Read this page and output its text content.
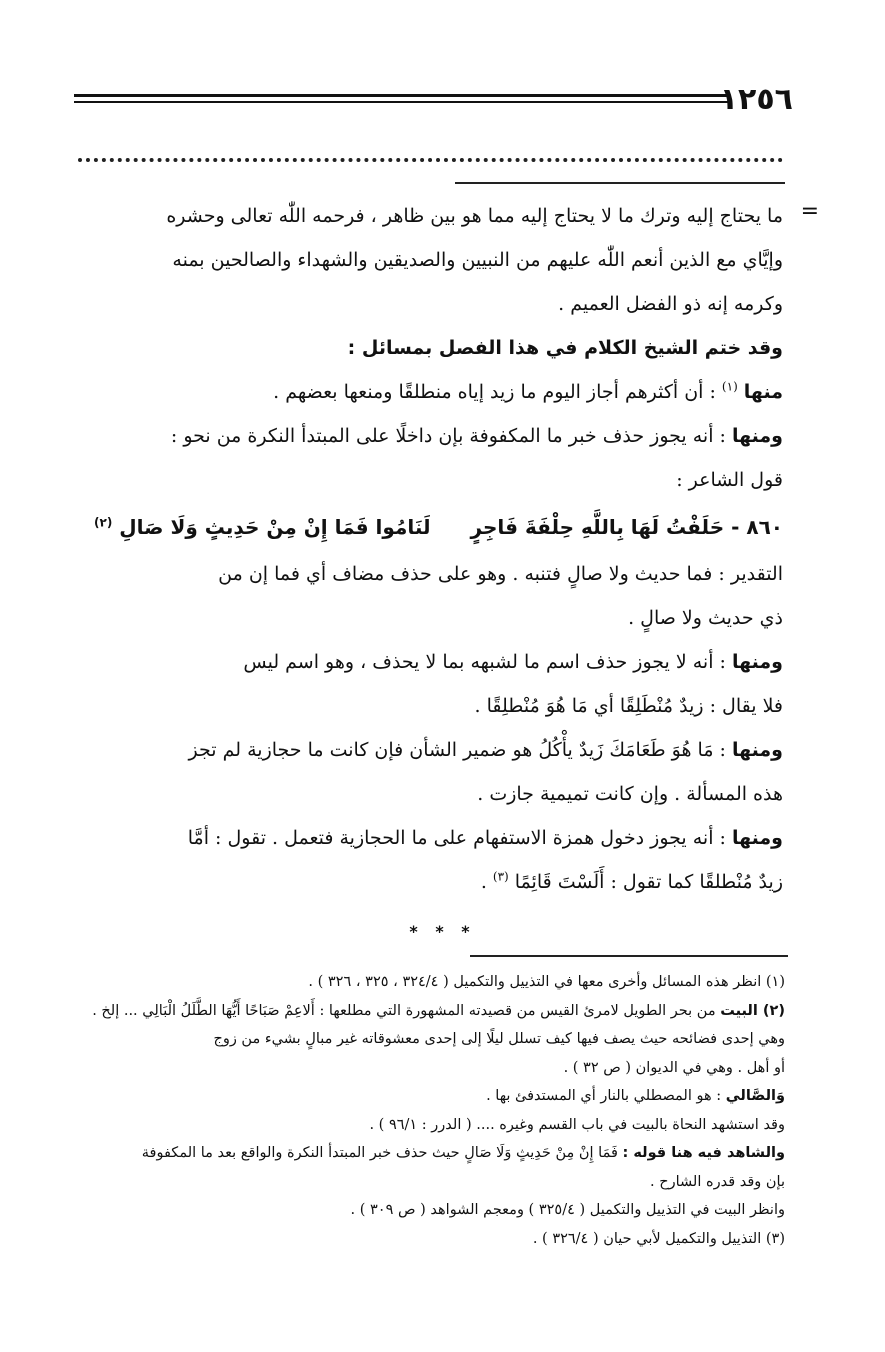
١٢٥٦
=

ما يحتاج إليه وترك ما لا يحتاج إليه مما هو بين ظاهر ، فرحمه اللّٰه تعالى وحشره

وإيَّاي مع الذين أنعم اللّٰه عليهم من النبيين والصديقين والشهداء والصالحين بمنه

وكرمه إنه ذو الفضل العميم .

وقد ختم الشيخ الكلام في هذا الفصل بمسائل :

منها $^{(١)}$ : أن أكثرهم أجاز اليوم ما زيد إياه منطلقًا ومنعها بعضهم .

ومنها : أنه يجوز حذف خبر ما المكفوفة بإن داخلًا على المبتدأ النكرة من نحو :

قول الشاعر :

٨٦٠ - حَلَفْتُ لَهَا بِاللَّهِ حِلْفَةَ فَاجِرٍ
لَنَامُوا فَمَا إِنْ مِنْ حَدِيثٍ وَلَا صَالِ $^{(٢)}$

التقدير : فما حديث ولا صالٍ فتنبه . وهو على حذف مضاف أي فما إن من

ذي حديث ولا صالٍ .

ومنها : أنه لا يجوز حذف اسم ما لشبهه بما لا يحذف ، وهو اسم ليس

فلا يقال : زيدٌ مُنْطَلِقًا أي مَا هُوَ مُنْطلِقًا .

ومنها : مَا هُوَ طَعَامَكَ زَيدٌ يأْكُلُ هو ضمير الشأن فإن كانت ما حجازية لم تجز

هذه المسألة . وإن كانت تميمية جازت .

ومنها : أنه يجوز دخول همزة الاستفهام على ما الحجازية فتعمل . تقول : أمَّا

زيدٌ مُنْطلقًا كما تقول : أَلَسْتَ قَائِمًا $^{(٣)}$ .

* * *

(١) انظر هذه المسائل وأخرى معها في التذييل والتكميل ( ٣٢٤/٤ ، ٣٢٥ ، ٣٢٦ ) .

(٢) البيت من بحر الطويل لامرئ القيس من قصيدته المشهورة التي مطلعها : أَلاعِمْ صَبَاحًا أَيُّهَا الطَّلَلُ الْبَالِي ... إلخ .

وهي إحدى فضائحه حيث يصف فيها كيف تسلل ليلًا إلى إحدى معشوقاته غير مبالٍ بشيء من زوج

أو أهل . وهي في الديوان ( ص ٣٢ ) .

وَالصَّالي : هو المصطلي بالنار أي المستدفئ بها .

وقد استشهد النحاة بالبيت في باب القسم وغيره .... ( الدرر : ٩٦/١ ) .

والشاهد فيه هنا قوله : فَمَا إِنْ مِنْ حَدِيثٍ وَلَا صَالٍ حيث حذف خبر المبتدأ النكرة والواقع بعد ما المكفوفة

بإن وقد قدره الشارح .

وانظر البيت في التذييل والتكميل ( ٣٢٥/٤ ) ومعجم الشواهد ( ص ٣٠٩ ) .

(٣) التذييل والتكميل لأبي حيان ( ٣٢٦/٤ ) .
